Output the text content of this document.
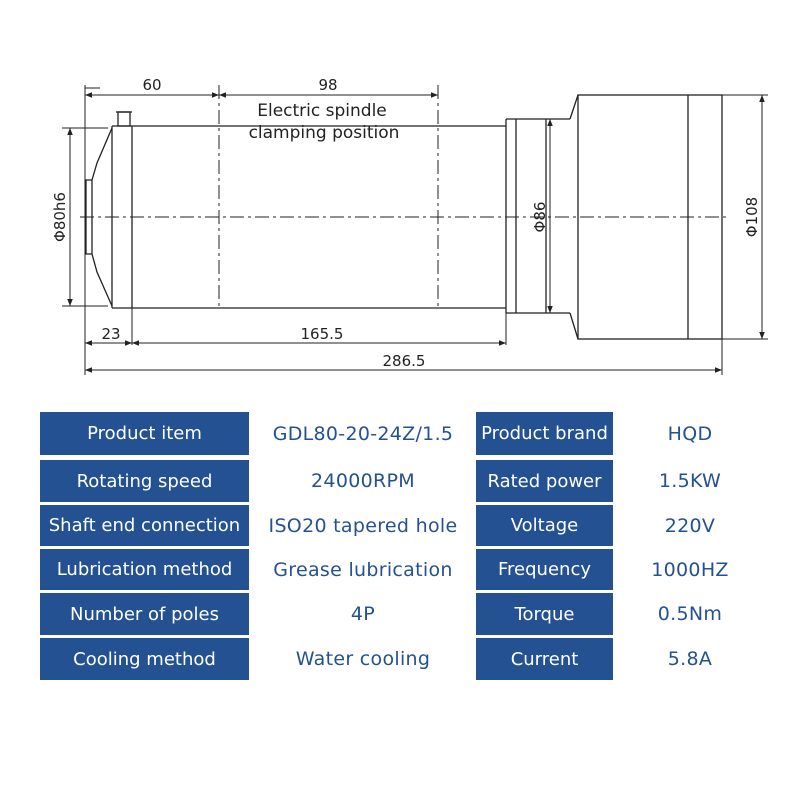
60	98
Electric spindle
clamping position
23	165.5
286.5
Φ80h6	Φ86	Φ108
Product item	GDL80-20-24Z/1.5	Product brand	HQD
Rotating speed	24000RPM	Rated power	1.5KW
Shaft end connection	ISO20 tapered hole	Voltage	220V
Lubrication method	Grease lubrication	Frequency	1000HZ
Number of poles	4P	Torque	0.5Nm
Cooling method	Water cooling	Current	5.8A
